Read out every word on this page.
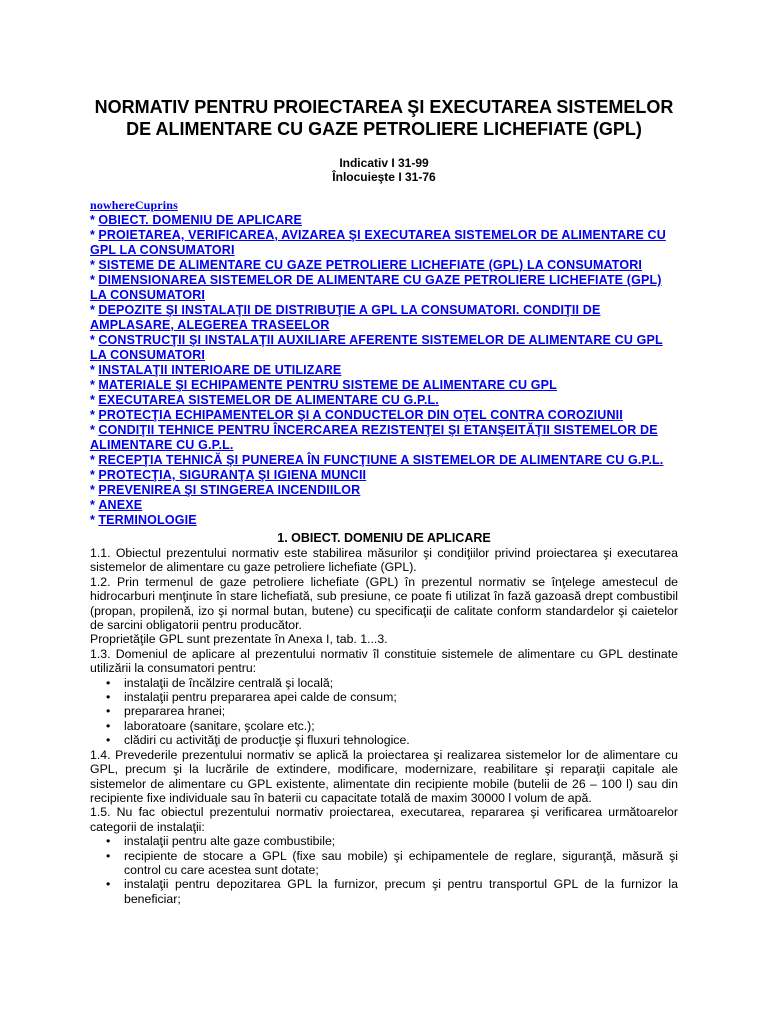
NORMATIV PENTRU PROIECTAREA ŞI EXECUTAREA SISTEMELOR DE ALIMENTARE CU GAZE PETROLIERE LICHEFIATE (GPL)
Indicativ I 31-99
Înlocuieşte I 31-76
nowhereCuprins
* OBIECT. DOMENIU DE APLICARE
* PROIETAREA, VERIFICAREA, AVIZAREA ŞI EXECUTAREA SISTEMELOR DE ALIMENTARE CU GPL LA CONSUMATORI
* SISTEME DE ALIMENTARE CU GAZE PETROLIERE LICHEFIATE (GPL) LA CONSUMATORI
* DIMENSIONAREA SISTEMELOR DE ALIMENTARE CU GAZE PETROLIERE LICHEFIATE (GPL) LA CONSUMATORI
* DEPOZITE ŞI INSTALAŢII DE DISTRIBUŢIE A GPL LA CONSUMATORI. CONDIŢII DE AMPLASARE, ALEGEREA TRASEELOR
* CONSTRUCŢII ŞI INSTALAŢII AUXILIARE AFERENTE SISTEMELOR DE ALIMENTARE CU GPL LA CONSUMATORI
* INSTALAŢII INTERIOARE DE UTILIZARE
* MATERIALE ŞI ECHIPAMENTE PENTRU SISTEME DE ALIMENTARE CU GPL
* EXECUTAREA SISTEMELOR DE ALIMENTARE CU G.P.L.
* PROTECŢIA ECHIPAMENTELOR ŞI A CONDUCTELOR DIN OŢEL CONTRA COROZIUNII
* CONDIŢII TEHNICE PENTRU ÎNCERCAREA REZISTENŢEI ŞI ETANŞEITĂŢII SISTEMELOR DE ALIMENTARE CU G.P.L.
* RECEPŢIA TEHNICĂ ŞI PUNEREA ÎN FUNCŢIUNE A SISTEMELOR DE ALIMENTARE CU G.P.L.
* PROTECŢIA, SIGURANŢA ŞI IGIENA MUNCII
* PREVENIREA ŞI STINGEREA INCENDIILOR
* ANEXE
* TERMINOLOGIE
1. OBIECT. DOMENIU DE APLICARE

1.1. Obiectul prezentului normativ este stabilirea măsurilor şi condiţiilor privind proiectarea şi executarea sistemelor de alimentare cu gaze petroliere lichefiate (GPL).

1.2. Prin termenul de gaze petroliere lichefiate (GPL) în prezentul normativ se înţelege amestecul de hidrocarburi menţinute în stare lichefiată, sub presiune, ce poate fi utilizat în fază gazoasă drept combustibil (propan, propilenă, izo şi normal butan, butene) cu specificaţii de calitate conform standardelor şi caietelor de sarcini obligatorii pentru producător.

Proprietăţile GPL sunt prezentate în Anexa I, tab. 1...3.

1.3. Domeniul de aplicare al prezentului normativ îl constituie sistemele de alimentare cu GPL destinate utilizării la consumatori pentru:

• instalaţii de încălzire centrală şi locală;
• instalaţii pentru prepararea apei calde de consum;
• prepararea hranei;
• laboratoare (sanitare, şcolare etc.);
• clădiri cu activităţi de producţie şi fluxuri tehnologice.

1.4. Prevederile prezentului normativ se aplică la proiectarea şi realizarea sistemelor lor de alimentare cu GPL, precum şi la lucrările de extindere, modificare, modernizare, reabilitare şi reparaţii capitale ale sistemelor de alimentare cu GPL existente, alimentate din recipiente mobile (butelii de 26 – 100 l) sau din recipiente fixe individuale sau în baterii cu capacitate totală de maxim 30000 l volum de apă.

1.5. Nu fac obiectul prezentului normativ proiectarea, executarea, repararea şi verificarea următoarelor categorii de instalaţii:

• instalaţii pentru alte gaze combustibile;
• recipiente de stocare a GPL (fixe sau mobile) şi echipamentele de reglare, siguranţă, măsură şi control cu care acestea sunt dotate;
• instalaţii pentru depozitarea GPL la furnizor, precum şi pentru transportul GPL de la furnizor la beneficiar;
